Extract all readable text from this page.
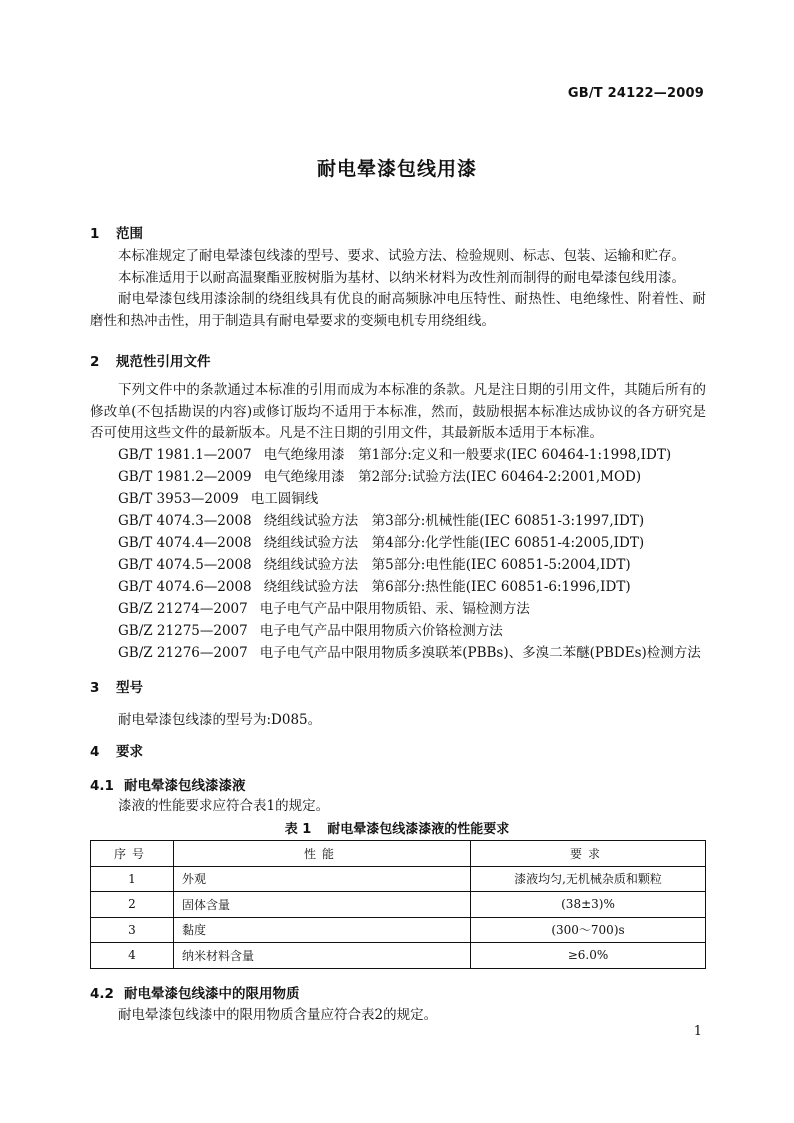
GB/T 24122—2009
耐电晕漆包线用漆
1 范围

本标准规定了耐电晕漆包线漆的型号、要求、试验方法、检验规则、标志、包装、运输和贮存。

本标准适用于以耐高温聚酯亚胺树脂为基材、以纳米材料为改性剂而制得的耐电晕漆包线用漆。

耐电晕漆包线用漆涂制的绕组线具有优良的耐高频脉冲电压特性、耐热性、电绝缘性、附着性、耐磨性和热冲击性，用于制造具有耐电晕要求的变频电机专用绕组线。

2 规范性引用文件

下列文件中的条款通过本标准的引用而成为本标准的条款。凡是注日期的引用文件，其随后所有的修改单(不包括勘误的内容)或修订版均不适用于本标准，然而，鼓励根据本标准达成协议的各方研究是否可使用这些文件的最新版本。凡是不注日期的引用文件，其最新版本适用于本标准。

GB/T 1981.1—2007 电气绝缘用漆　第1部分:定义和一般要求(IEC 60464-1:1998,IDT)
GB/T 1981.2—2009 电气绝缘用漆　第2部分:试验方法(IEC 60464-2:2001,MOD)
GB/T 3953—2009 电工圆铜线
GB/T 4074.3—2008 绕组线试验方法　第3部分:机械性能(IEC 60851-3:1997,IDT)
GB/T 4074.4—2008 绕组线试验方法　第4部分:化学性能(IEC 60851-4:2005,IDT)
GB/T 4074.5—2008 绕组线试验方法　第5部分:电性能(IEC 60851-5:2004,IDT)
GB/T 4074.6—2008 绕组线试验方法　第6部分:热性能(IEC 60851-6:1996,IDT)
GB/Z 21274—2007 电子电气产品中限用物质铅、汞、镉检测方法
GB/Z 21275—2007 电子电气产品中限用物质六价铬检测方法
GB/Z 21276—2007 电子电气产品中限用物质多溴联苯(PBBs)、多溴二苯醚(PBDEs)检测方法
3 型号
耐电晕漆包线漆的型号为:D085。
4 要求
4.1 耐电晕漆包线漆漆液
漆液的性能要求应符合表1的规定。
表 1 耐电晕漆包线漆漆液的性能要求
序号	性能	要求
1	外观	漆液均匀,无机械杂质和颗粒
2	固体含量	(38±3)%
3	黏度	(300～700)s
4	纳米材料含量	≥6.0%
4.2 耐电晕漆包线漆中的限用物质
耐电晕漆包线漆中的限用物质含量应符合表2的规定。
1
